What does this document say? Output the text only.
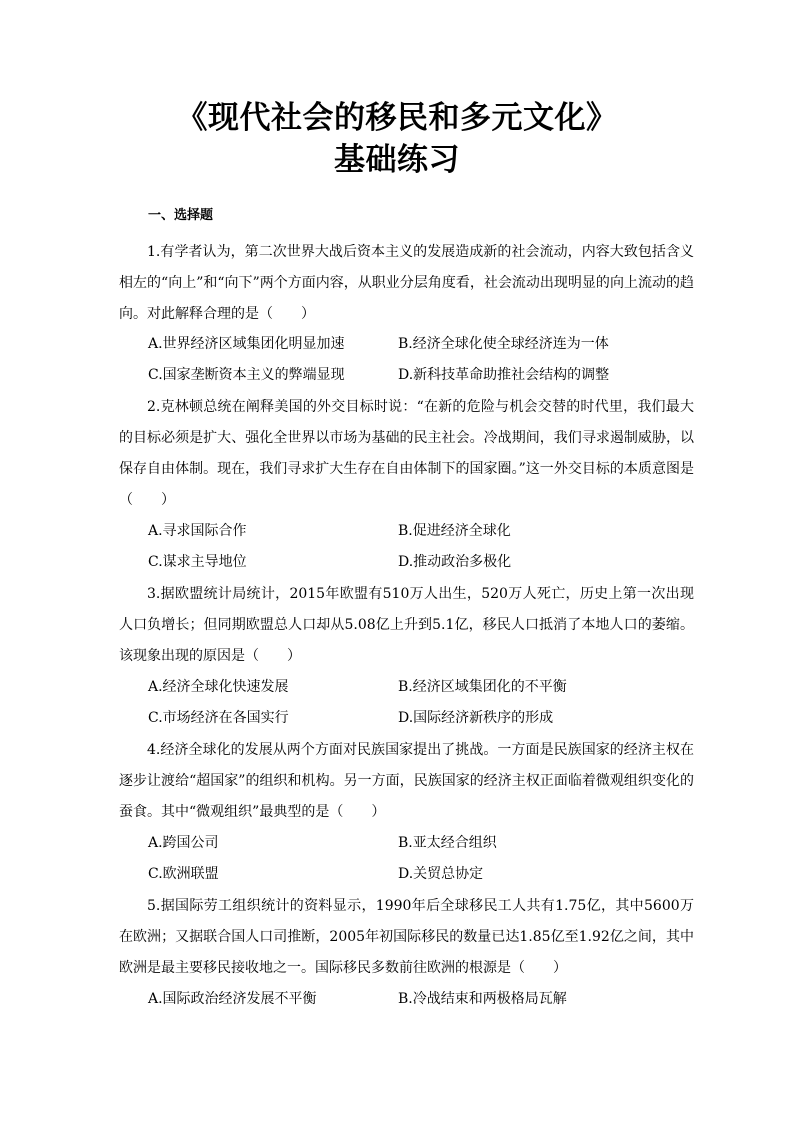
《现代社会的移民和多元文化》
基础练习
一、选择题

1.有学者认为，第二次世界大战后资本主义的发展造成新的社会流动，内容大致包括含义相左的“向上”和“向下”两个方面内容，从职业分层角度看，社会流动出现明显的向上流动的趋向。对此解释合理的是（　　）

A.世界经济区域集团化明显加速	B.经济全球化使全球经济连为一体
C.国家垄断资本主义的弊端显现	D.新科技革命助推社会结构的调整

2.克林顿总统在阐释美国的外交目标时说：“在新的危险与机会交替的时代里，我们最大的目标必须是扩大、强化全世界以市场为基础的民主社会。冷战期间，我们寻求遏制威胁，以保存自由体制。现在，我们寻求扩大生存在自由体制下的国家圈。”这一外交目标的本质意图是（　　）

A.寻求国际合作	B.促进经济全球化
C.谋求主导地位	D.推动政治多极化

3.据欧盟统计局统计，2015年欧盟有510万人出生，520万人死亡，历史上第一次出现人口负增长；但同期欧盟总人口却从5.08亿上升到5.1亿，移民人口抵消了本地人口的萎缩。该现象出现的原因是（　　）

A.经济全球化快速发展	B.经济区域集团化的不平衡
C.市场经济在各国实行	D.国际经济新秩序的形成

4.经济全球化的发展从两个方面对民族国家提出了挑战。一方面是民族国家的经济主权在逐步让渡给“超国家”的组织和机构。另一方面，民族国家的经济主权正面临着微观组织变化的蚕食。其中“微观组织”最典型的是（　　）

A.跨国公司	B.亚太经合组织
C.欧洲联盟	D.关贸总协定

5.据国际劳工组织统计的资料显示，1990年后全球移民工人共有1.75亿，其中5600万在欧洲；又据联合国人口司推断，2005年初国际移民的数量已达1.85亿至1.92亿之间，其中欧洲是最主要移民接收地之一。国际移民多数前往欧洲的根源是（　　）

A.国际政治经济发展不平衡	B.冷战结束和两极格局瓦解
